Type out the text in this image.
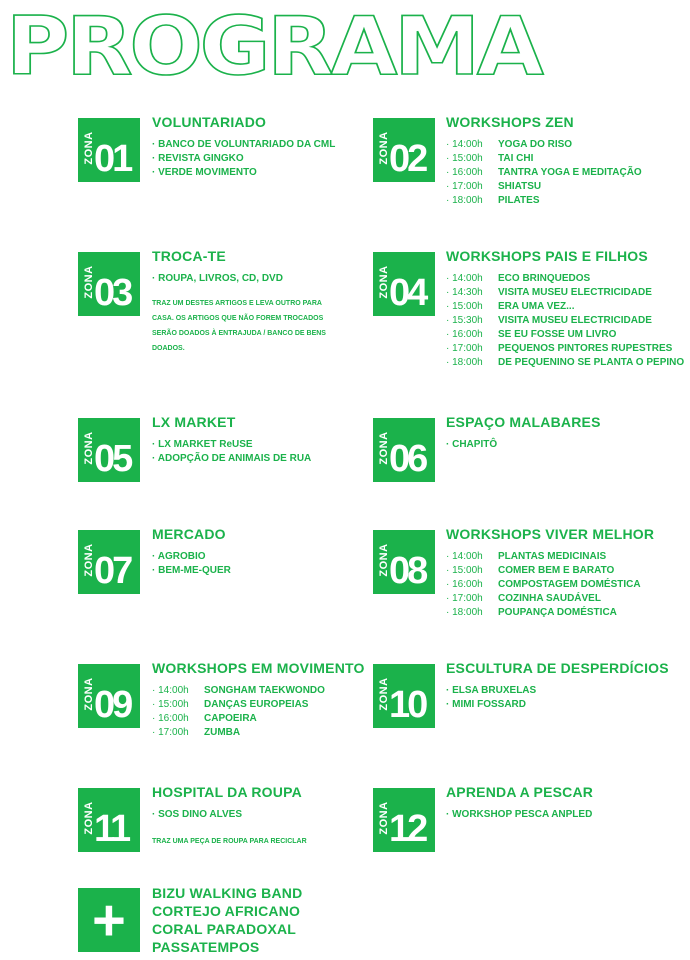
PROGRAMA
ZONA 01
VOLUNTARIADO
· BANCO DE VOLUNTARIADO DA CML
· REVISTA GINGKO
· VERDE MOVIMENTO
ZONA 02
WORKSHOPS ZEN
· 14:00h	YOGA DO RISO
· 15:00h	TAI CHI
· 16:00h	TANTRA YOGA E MEDITAÇÃO
· 17:00h	SHIATSU
· 18:00h	PILATES
ZONA 03
TROCA-TE
· ROUPA, LIVROS, CD, DVD
TRAZ UM DESTES ARTIGOS E LEVA OUTRO PARA CASA. OS ARTIGOS QUE NÃO FOREM TROCADOS SERÃO DOADOS À ENTRAJUDA / BANCO DE BENS DOADOS.
ZONA 04
WORKSHOPS PAIS E FILHOS
· 14:00h	ECO BRINQUEDOS
· 14:30h	VISITA MUSEU ELECTRICIDADE
· 15:00h	ERA UMA VEZ...
· 15:30h	VISITA MUSEU ELECTRICIDADE
· 16:00h	SE EU FOSSE UM LIVRO
· 17:00h	PEQUENOS PINTORES RUPESTRES
· 18:00h	DE PEQUENINO SE PLANTA O PEPINO
ZONA 05
LX MARKET
· LX MARKET ReUSE
· ADOPÇÃO DE ANIMAIS DE RUA	ZONA 06
ESPAÇO MALABARES
· CHAPITÔ
ZONA 07
MERCADO
· AGROBIO
· BEM-ME-QUER	ZONA 08
WORKSHOPS VIVER MELHOR
· 14:00h	PLANTAS MEDICINAIS
· 15:00h	COMER BEM E BARATO
· 16:00h	COMPOSTAGEM DOMÉSTICA
· 17:00h	COZINHA SAUDÁVEL
· 18:00h	POUPANÇA DOMÉSTICA
ZONA 09
WORKSHOPS EM MOVIMENTO
· 14:00h	SONGHAM TAEKWONDO
· 15:00h	DANÇAS EUROPEIAS
· 16:00h	CAPOEIRA
· 17:00h	ZUMBA
ZONA 10
ESCULTURA DE DESPERDÍCIOS
· ELSA BRUXELAS
· MIMI FOSSARD
ZONA 11
HOSPITAL DA ROUPA
· SOS DINO ALVES
TRAZ UMA PEÇA DE ROUPA PARA RECICLAR
ZONA 12
APRENDA A PESCAR
· WORKSHOP PESCA ANPLED
+ BIZU WALKING BAND
CORTEJO AFRICANO
CORAL PARADOXAL
PASSATEMPOS
